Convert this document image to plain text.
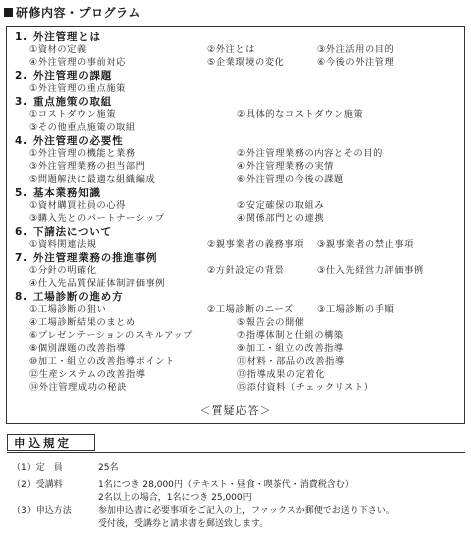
研修内容・プログラム
1. 外注管理とは
①資材の定義	②外注とは	③外注活用の目的
④外注管理の事前対応	⑤企業環境の変化	⑥今後の外注管理
2. 外注管理の課題
①外注管理の重点施策
3. 重点施策の取組
①コストダウン施策	②具体的なコストダウン施策
③その他重点施策の取組
4. 外注管理の必要性
①外注管理の機能と業務	②外注管理業務の内容とその目的
③外注管理業務の担当部門	④外注管理業務の実情
⑤問題解決に最適な組織編成	⑥外注管理の今後の課題
5. 基本業務知識
①資材購買社員の心得	②安定確保の取組み
③購入先とのパートナーシップ	④関係部門との連携
6. 下請法について
①資料関連法規	②親事業者の義務事項 ③親事業者の禁止事項
7. 外注管理業務の推進事例
①分針の明確化	②方針設定の背景	③仕入先経営力評価事例
④仕入先品質保証体制評価事例
8. 工場診断の進め方
①工場診断の狙い	②工場診断のニーズ	③工場診断の手順
④工場診断結果のまとめ	⑤報告会の開催
⑥プレゼンテーションのスキルアップ	⑦指導体制と仕組の構築
⑧個別課題の改善指導	⑨加工・組立の改善指導
⑩加工・組立の改善指導ポイント	⑪材料・部品の改善指導
⑫生産システムの改善指導	⑬指導成果の定着化
⑭外注管理成功の秘訣	⑮添付資料（チェックリスト）
＜質疑応答＞
申込規定
（1）定　員	25名
（2）受講料	1名につき 28,000円（テキスト・昼食・喫茶代・消費税含む）
2名以上の場合，1名につき 25,000円
（3）申込方法	参加申込書に必要事項をご記入の上，ファックスか郵便でお送り下さい。
受付後，受講券と請求書を郵送致します。
